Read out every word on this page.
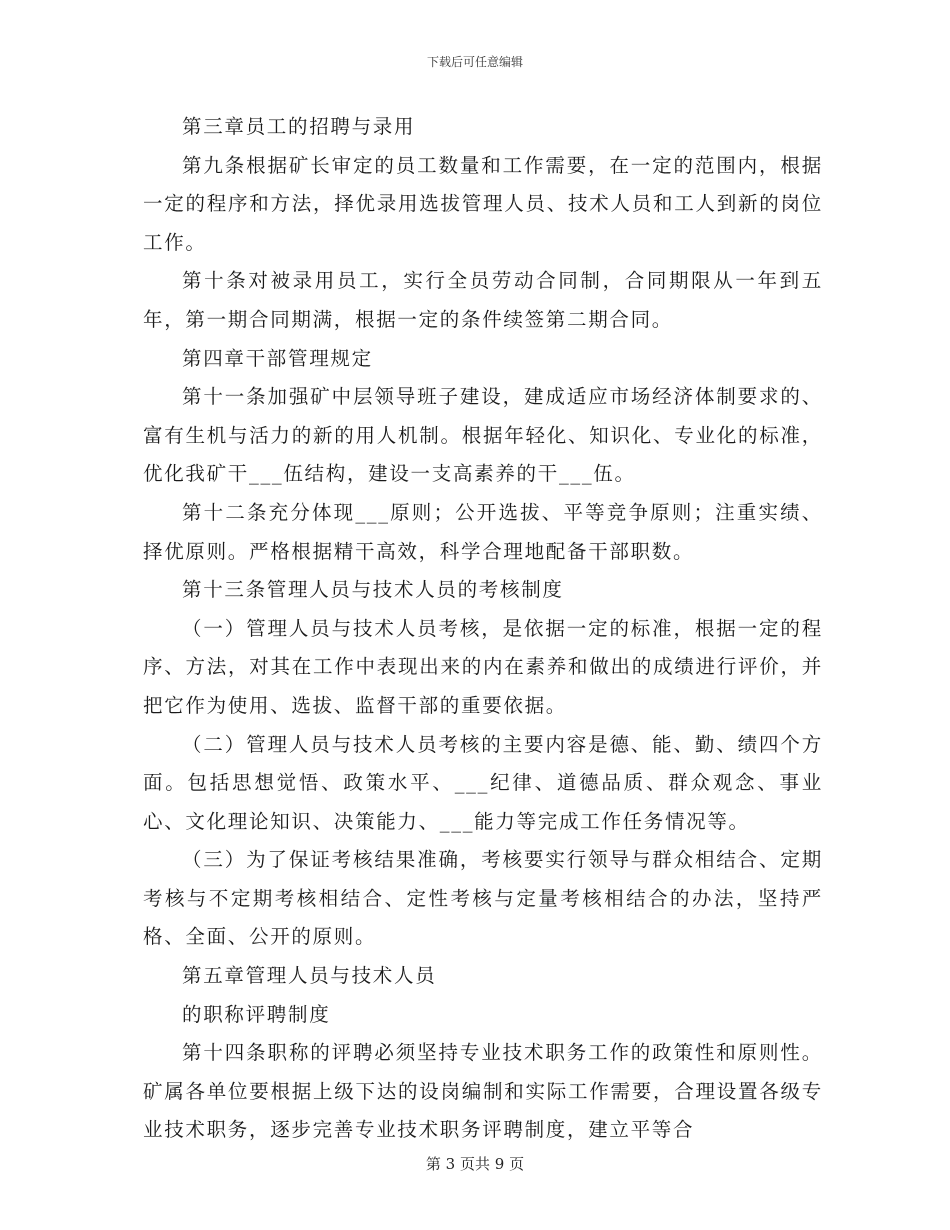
下载后可任意编辑

第三章员工的招聘与录用

第九条根据矿长审定的员工数量和工作需要，在一定的范围内，根据一定的程序和方法，择优录用选拔管理人员、技术人员和工人到新的岗位工作。

第十条对被录用员工，实行全员劳动合同制，合同期限从一年到五年，第一期合同期满，根据一定的条件续签第二期合同。

第四章干部管理规定

第十一条加强矿中层领导班子建设，建成适应市场经济体制要求的、富有生机与活力的新的用人机制。根据年轻化、知识化、专业化的标准，优化我矿干___伍结构，建设一支高素养的干___伍。

第十二条充分体现___原则；公开选拔、平等竞争原则；注重实绩、择优原则。严格根据精干高效，科学合理地配备干部职数。

第十三条管理人员与技术人员的考核制度

（一）管理人员与技术人员考核，是依据一定的标准，根据一定的程序、方法，对其在工作中表现出来的内在素养和做出的成绩进行评价，并把它作为使用、选拔、监督干部的重要依据。

（二）管理人员与技术人员考核的主要内容是德、能、勤、绩四个方面。包括思想觉悟、政策水平、___纪律、道德品质、群众观念、事业心、文化理论知识、决策能力、___能力等完成工作任务情况等。

（三）为了保证考核结果准确，考核要实行领导与群众相结合、定期考核与不定期考核相结合、定性考核与定量考核相结合的办法，坚持严格、全面、公开的原则。

第五章管理人员与技术人员

的职称评聘制度

第十四条职称的评聘必须坚持专业技术职务工作的政策性和原则性。矿属各单位要根据上级下达的设岗编制和实际工作需要，合理设置各级专业技术职务，逐步完善专业技术职务评聘制度，建立平等合

第 3 页共 9 页
